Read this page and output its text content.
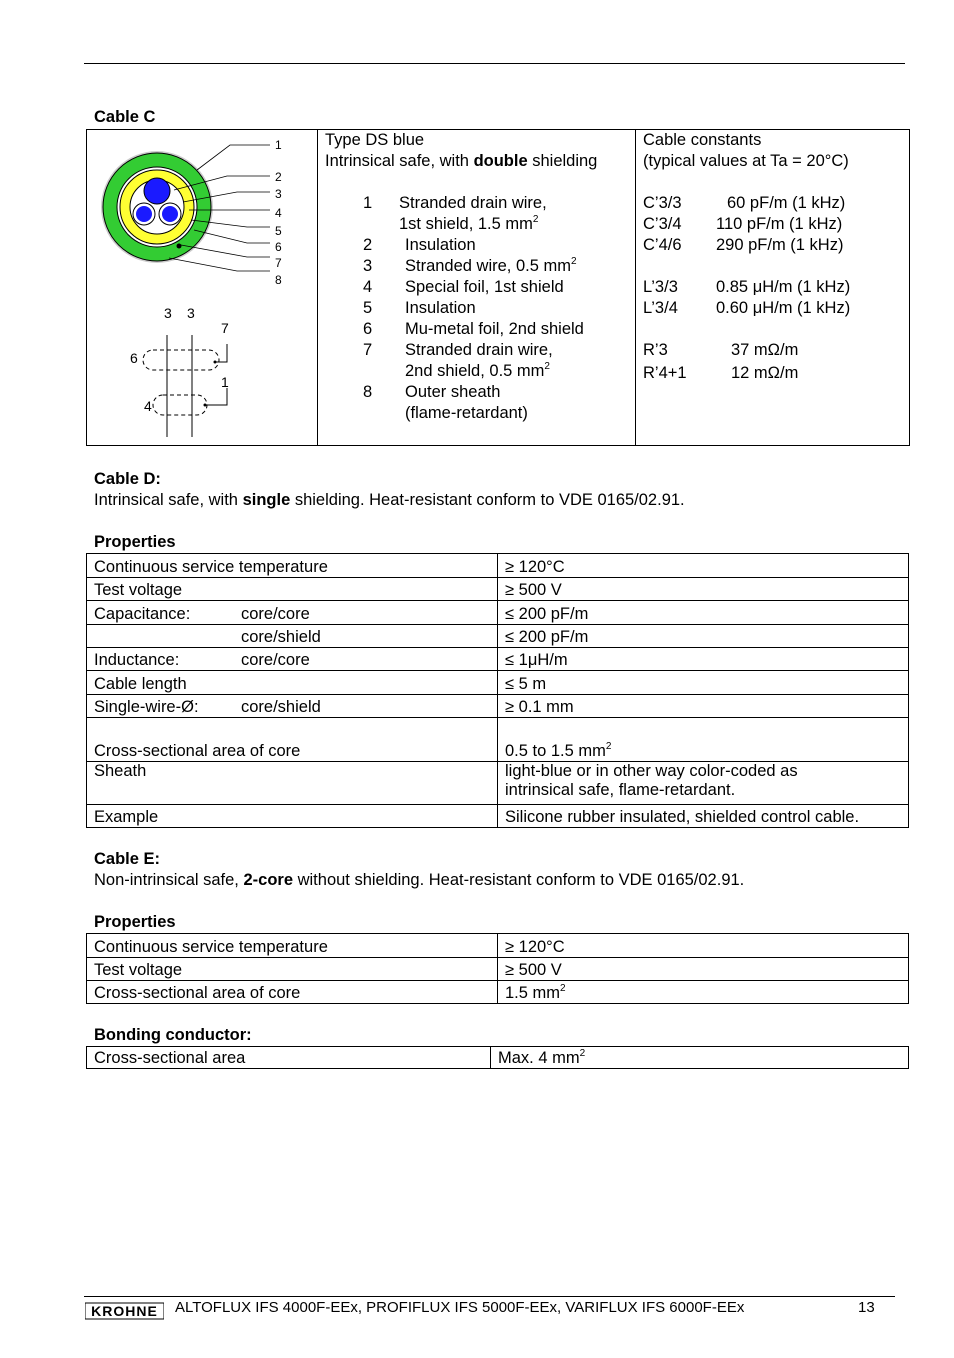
Cable C
1
2
3
4
5
6
7
8
3 3
7
6
1
4
Type DS blue
Intrinsical safe, with double shielding
1 Stranded drain wire,
1st shield, 1.5 $mm^2$
2 Insulation
3 Stranded wire, 0.5 $mm^2$
4 Special foil, 1st shield
5 Insulation
6 Mu-metal foil, 2nd shield
7 Stranded drain wire,
2nd shield, 0.5 $mm^2$
8 Outer sheath
(flame-retardant)
Cable constants
(typical values at Ta = 20°C)
C’3/3	60 pF/m (1 kHz)
C’3/4 110 pF/m (1 kHz)
C’4/6 290 pF/m (1 kHz)
L’3/3 0.85 μH/m (1 kHz)
L’3/4 0.60 μH/m (1 kHz)
R’3	37 mΩ/m
R’4+1	12 mΩ/m
Cable D:
Intrinsical safe, with single shielding. Heat-resistant conform to VDE 0165/02.91.
Properties
Continuous service temperature	≥ 120°C
Test voltage	≥ 500 V
Capacitance: core/core	≤ 200 pF/m
core/shield	≤ 200 pF/m
Inductance: core/core	≤ 1μH/m
Cable length	≤ 5 m
Single-wire-Ø: core/shield	≥ 0.1 mm
Cross-sectional area of core	0.5 to 1.5 $mm^2$
Sheath	light-blue or in other way color-coded as
intrinsical safe, flame-retardant.

Example	Silicone rubber insulated, shielded control cable.
Cable E:
Non-intrinsical safe, 2-core without shielding. Heat-resistant conform to VDE 0165/02.91.
Properties
Continuous service temperature	≥ 120°C
Test voltage	≥ 500 V
Cross-sectional area of core	1.5 $mm^2$
Bonding conductor:
Cross-sectional area	Max. 4 $mm^2$
KROHNE ALTOFLUX IFS 4000F-EEx, PROFIFLUX IFS 5000F-EEx, VARIFLUX IFS 6000F-EEx	13
